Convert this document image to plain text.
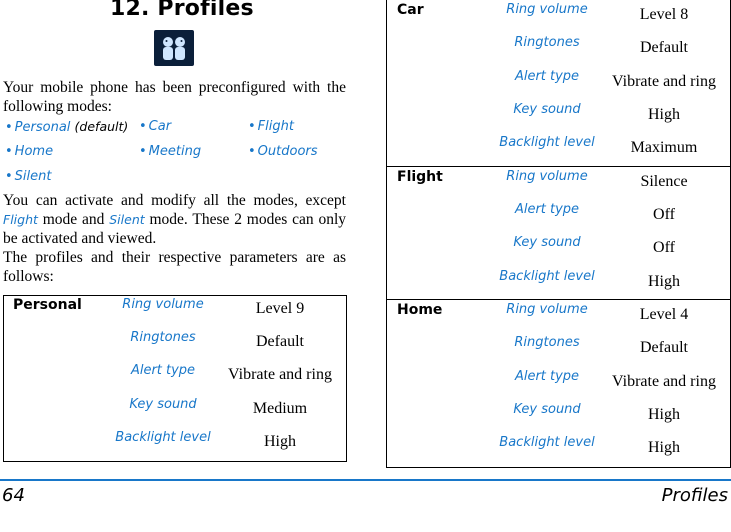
12. Profiles
Your mobile phone has been preconfigured with the following modes:
• Personal (default) • Car	• Flight
• Home	• Meeting	• Outdoors
• Silent
You can activate and modify all the modes, except Flight mode and Silent mode. These 2 modes can only be activated and viewed.
The profiles and their respective parameters are as follows:
Personal	Ring volume	Level 9
Ringtones	Default
Alert type	Vibrate and ring
Key sound	Medium
Backlight level	High
Car	Ring volume	Level 8
Ringtones	Default
Alert type	Vibrate and ring
Key sound	High
Backlight level	Maximum
Flight	Ring volume	Silence
Alert type	Off
Key sound	Off
Backlight level	High
Home	Ring volume	Level 4
Ringtones	Default
Alert type	Vibrate and ring
Key sound	High
Backlight level	High
64	Profiles
